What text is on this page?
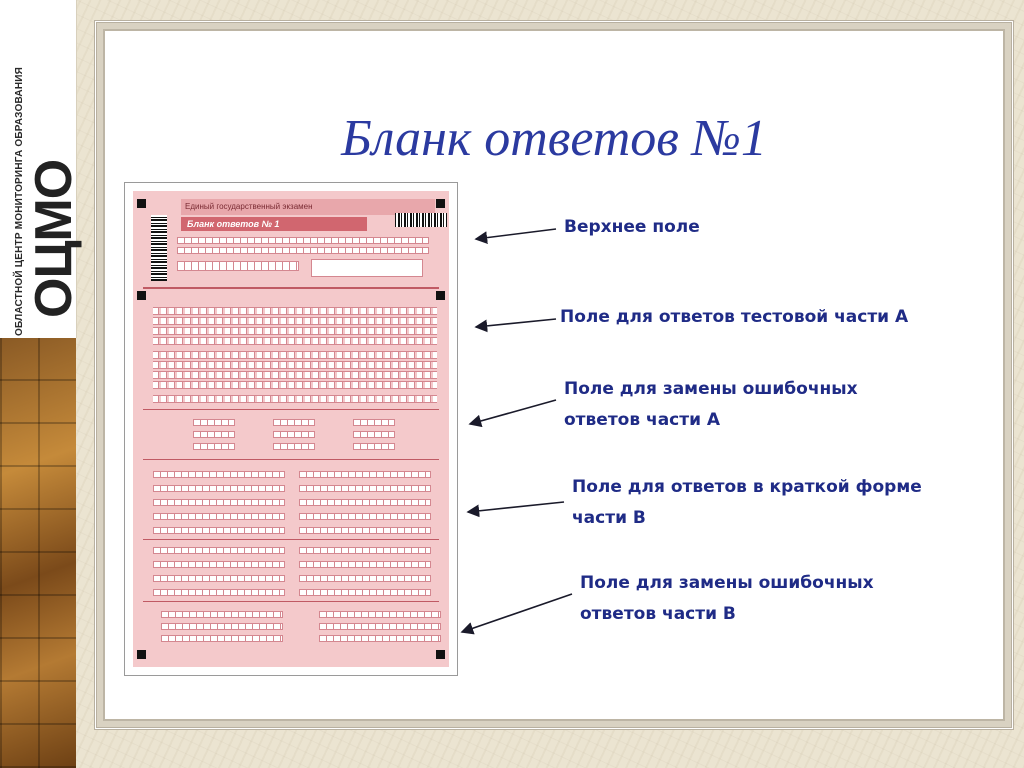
ОЦМО
ОБЛАСТНОЙ ЦЕНТР МОНИТОРИНГА ОБРАЗОВАНИЯ	Бланк ответов №1
Единый государственный экзамен
Бланк ответов № 1	Верхнее поле
Поле для ответов тестовой части А
Поле для замены ошибочных ответов части А
Поле для ответов в краткой форме части В
Поле для замены ошибочных ответов части В
